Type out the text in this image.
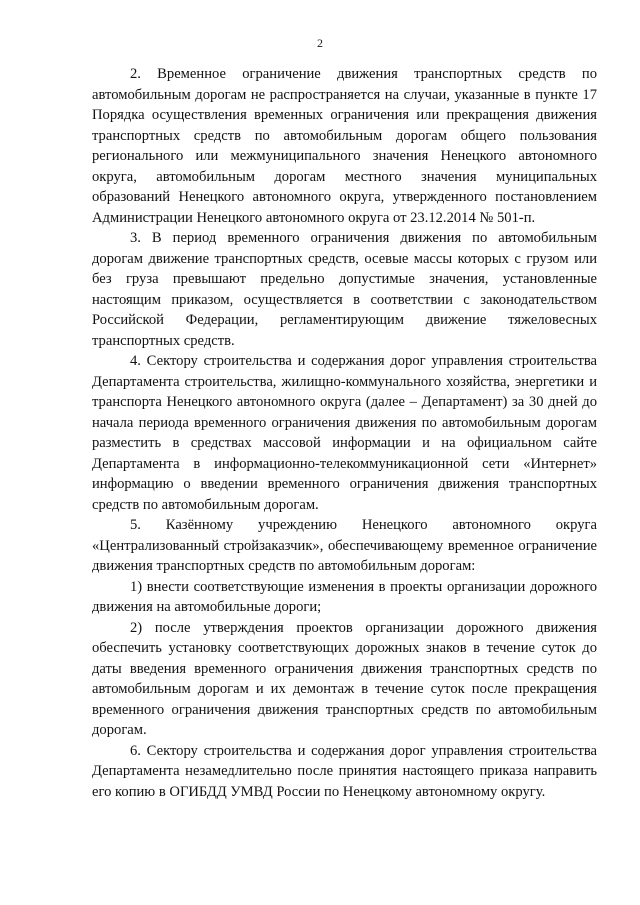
2

2. Временное ограничение движения транспортных средств по автомобильным дорогам не распространяется на случаи, указанные в пункте 17 Порядка осуществления временных ограничения или прекращения движения транспортных средств по автомобильным дорогам общего пользования регионального или межмуниципального значения Ненецкого автономного округа, автомобильным дорогам местного значения муниципальных образований Ненецкого автономного округа, утвержденного постановлением Администрации Ненецкого автономного округа от 23.12.2014 № 501-п.

3. В период временного ограничения движения по автомобильным дорогам движение транспортных средств, осевые массы которых с грузом или без груза превышают предельно допустимые значения, установленные настоящим приказом, осуществляется в соответствии с законодательством Российской Федерации, регламентирующим движение тяжеловесных транспортных средств.

4. Сектору строительства и содержания дорог управления строительства Департамента строительства, жилищно-коммунального хозяйства, энергетики и транспорта Ненецкого автономного округа (далее – Департамент) за 30 дней до начала периода временного ограничения движения по автомобильным дорогам разместить в средствах массовой информации и на официальном сайте Департамента в информационно-телекоммуникационной сети «Интернет» информацию о введении временного ограничения движения транспортных средств по автомобильным дорогам.

5. Казённому учреждению Ненецкого автономного округа «Централизованный стройзаказчик», обеспечивающему временное ограничение движения транспортных средств по автомобильным дорогам:

1) внести соответствующие изменения в проекты организации дорожного движения на автомобильные дороги;

2) после утверждения проектов организации дорожного движения обеспечить установку соответствующих дорожных знаков в течение суток до даты введения временного ограничения движения транспортных средств по автомобильным дорогам и их демонтаж в течение суток после прекращения временного ограничения движения транспортных средств по автомобильным дорогам.

6. Сектору строительства и содержания дорог управления строительства Департамента незамедлительно после принятия настоящего приказа направить его копию в ОГИБДД УМВД России по Ненецкому автономному округу.
